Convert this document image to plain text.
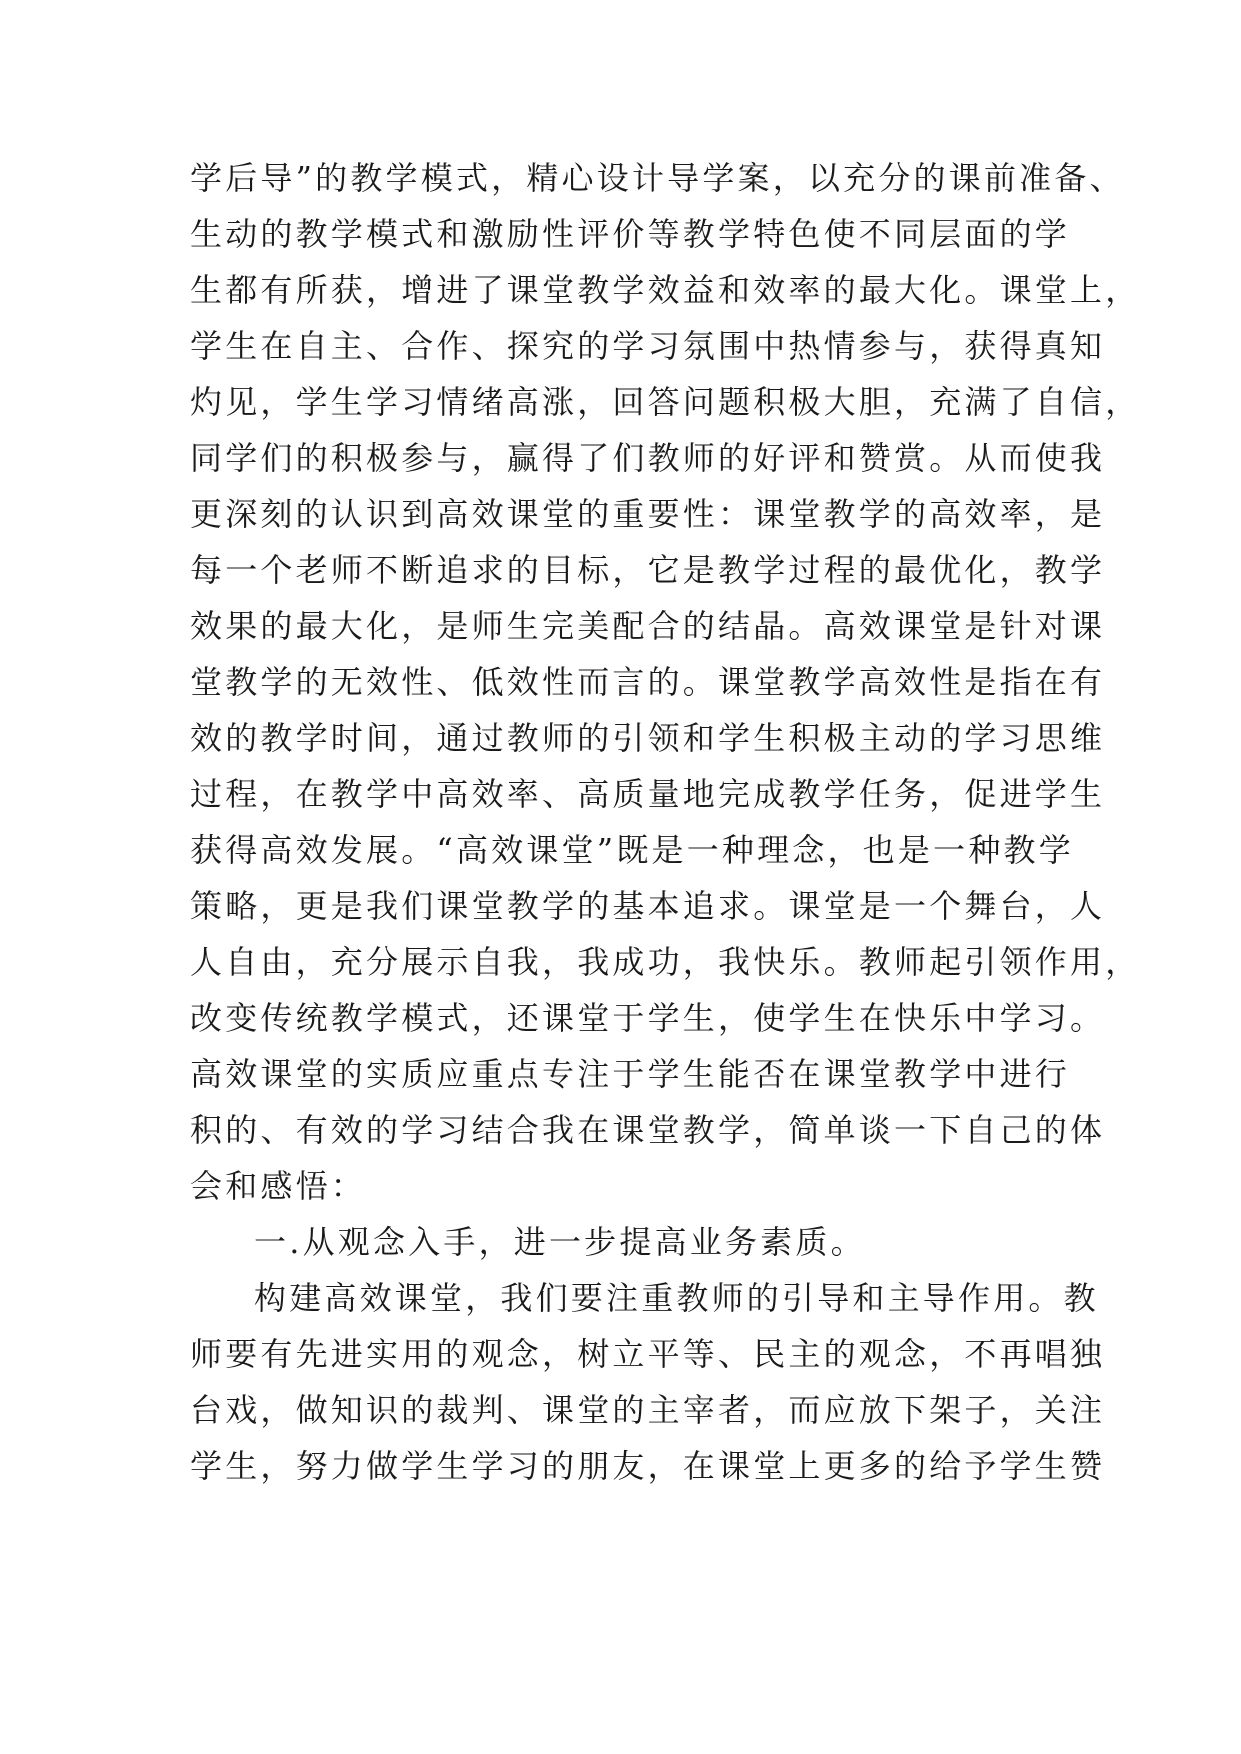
学后导”的教学模式，精心设计导学案，以充分的课前准备、
生动的教学模式和激励性评价等教学特色使不同层面的学
生都有所获，增进了课堂教学效益和效率的最大化。课堂上，
学生在自主、合作、探究的学习氛围中热情参与，获得真知
灼见，学生学习情绪高涨，回答问题积极大胆，充满了自信，
同学们的积极参与，赢得了们教师的好评和赞赏。从而使我
更深刻的认识到高效课堂的重要性：课堂教学的高效率，是
每一个老师不断追求的目标，它是教学过程的最优化，教学
效果的最大化，是师生完美配合的结晶。高效课堂是针对课
堂教学的无效性、低效性而言的。课堂教学高效性是指在有
效的教学时间，通过教师的引领和学生积极主动的学习思维
过程，在教学中高效率、高质量地完成教学任务，促进学生
获得高效发展。“高效课堂”既是一种理念，也是一种教学
策略，更是我们课堂教学的基本追求。课堂是一个舞台，人
人自由，充分展示自我，我成功，我快乐。教师起引领作用，
改变传统教学模式，还课堂于学生，使学生在快乐中学习。
高效课堂的实质应重点专注于学生能否在课堂教学中进行
积的、有效的学习结合我在课堂教学，简单谈一下自己的体
会和感悟：
一.从观念入手，进一步提高业务素质。
构建高效课堂，我们要注重教师的引导和主导作用。教
师要有先进实用的观念，树立平等、民主的观念，不再唱独
台戏，做知识的裁判、课堂的主宰者，而应放下架子，关注
学生，努力做学生学习的朋友，在课堂上更多的给予学生赞
